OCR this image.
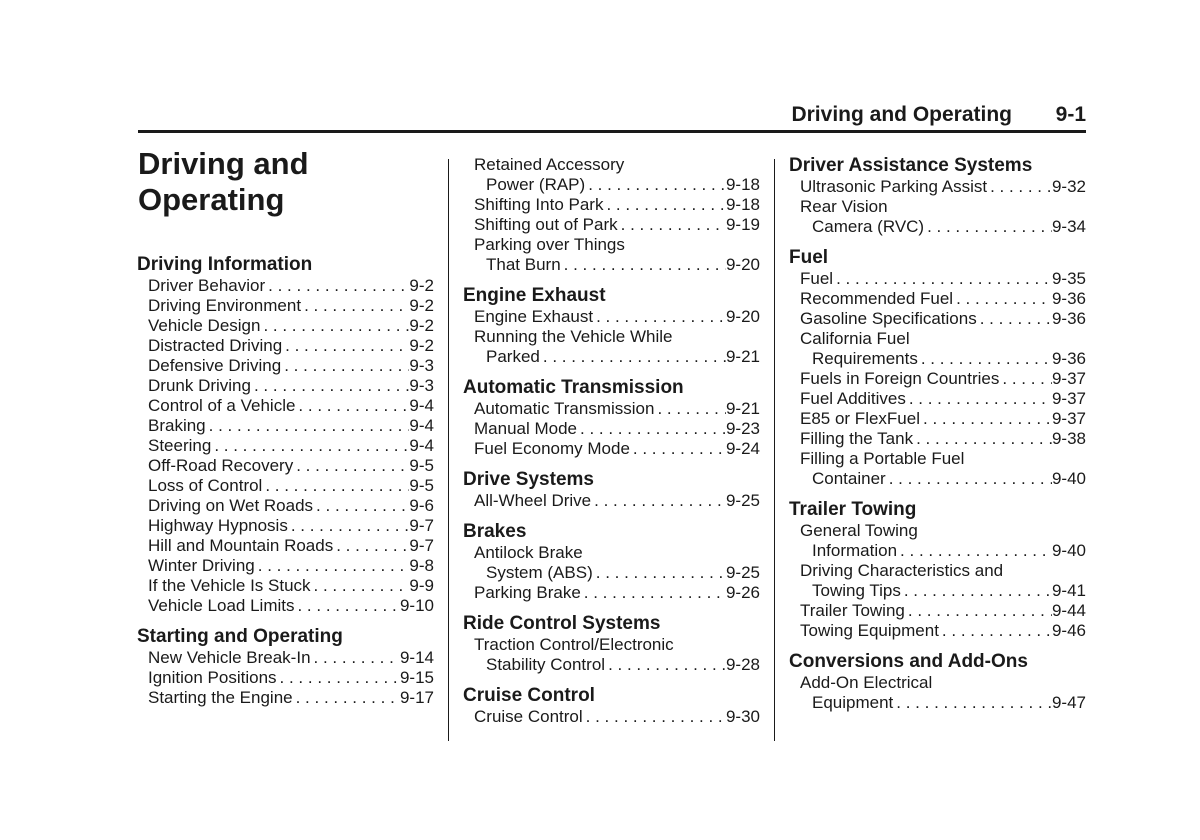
Driving and Operating 9-1
Driving and
Operating
Driving Information
Driver Behavior . . .	9-2
Driving Environment . . .	9-2
Vehicle Design . . .	9-2
Distracted Driving . . .	9-2
Defensive Driving . . .	9-3
Drunk Driving . . .	9-3
Control of a Vehicle . . .	9-4
Braking . . .	9-4
Steering . . .	9-4
Off-Road Recovery . . .	9-5
Loss of Control . . .	9-5
Driving on Wet Roads . . .	9-6
Highway Hypnosis . . .	9-7
Hill and Mountain Roads . . .	9-7
Winter Driving . . .	9-8
If the Vehicle Is Stuck . . .	9-9
Vehicle Load Limits . . .	9-10
Starting and Operating
New Vehicle Break-In . . .	9-14
Ignition Positions . . .	9-15
Starting the Engine . . .	9-17
Retained Accessory
Power (RAP) . . .	9-18
Shifting Into Park . . .	9-18
Shifting out of Park . . .	9-19
Parking over Things
That Burn . . .	9-20
Engine Exhaust
Engine Exhaust . . .	9-20
Running the Vehicle While
Parked . . .	9-21
Automatic Transmission
Automatic Transmission . . .	9-21
Manual Mode . . .	9-23
Fuel Economy Mode . . .	9-24
Drive Systems
All-Wheel Drive . . .	9-25
Brakes
Antilock Brake
System (ABS) . . .	9-25
Parking Brake . . .	9-26
Ride Control Systems
Traction Control/Electronic
Stability Control . . .	9-28
Cruise Control
Cruise Control . . .	9-30
Driver Assistance Systems
Ultrasonic Parking Assist . . .	9-32
Rear Vision
Camera (RVC) . . .	9-34
Fuel
Fuel . . .	9-35
Recommended Fuel . . .	9-36
Gasoline Specifications . . .	9-36
California Fuel
Requirements . . .	9-36
Fuels in Foreign Countries . . .	9-37
Fuel Additives . . .	9-37
E85 or FlexFuel . . .	9-37
Filling the Tank . . .	9-38
Filling a Portable Fuel
Container . . .	9-40
Trailer Towing
General Towing
Information . . .	9-40
Driving Characteristics and
Towing Tips . . .	9-41
Trailer Towing . . .	9-44
Towing Equipment . . .	9-46
Conversions and Add-Ons
Add-On Electrical
Equipment . . .	9-47
